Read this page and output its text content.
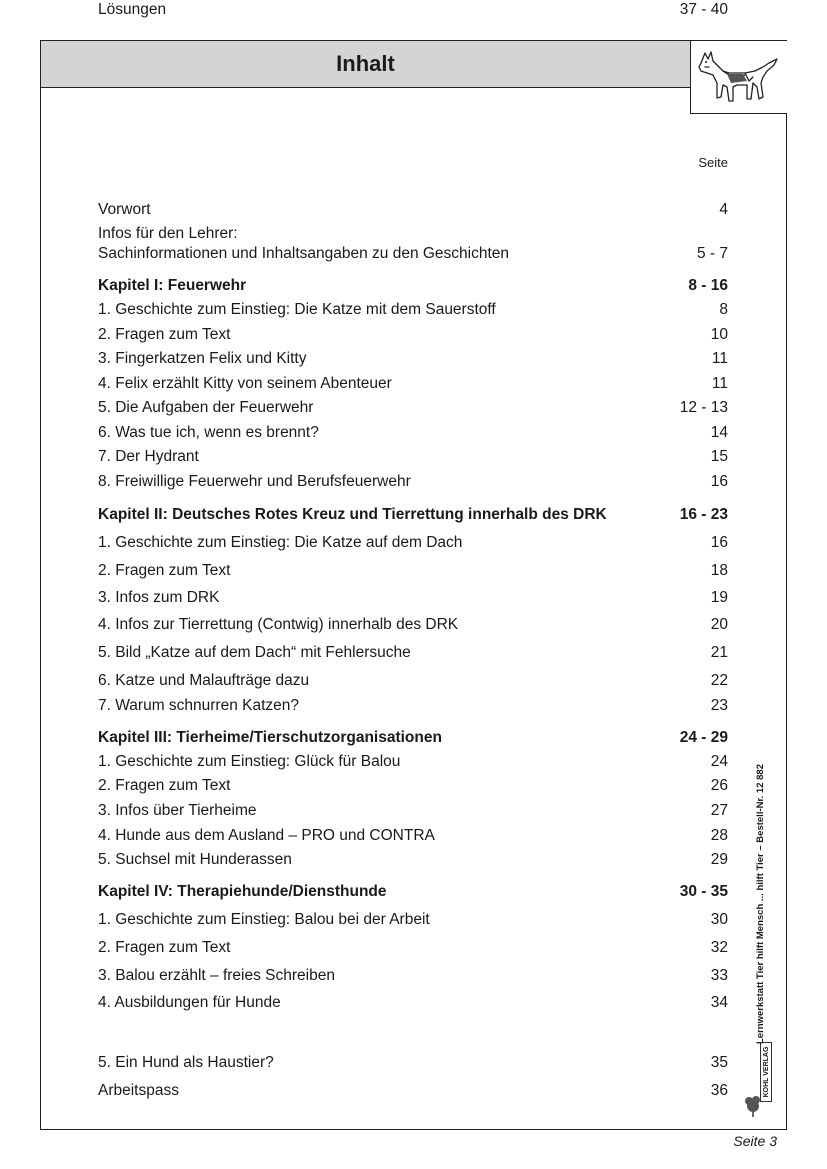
Inhalt
Seite
Vorwort	4
Infos für den Lehrer:
Sachinformationen und Inhaltsangaben zu den Geschichten	5 - 7
Kapitel I: Feuerwehr	8 - 16
1. Geschichte zum Einstieg: Die Katze mit dem Sauerstoff	8
2. Fragen zum Text	10
3. Fingerkatzen Felix und Kitty	11
4. Felix erzählt Kitty von seinem Abenteuer	11
5. Die Aufgaben der Feuerwehr	12 - 13
6. Was tue ich, wenn es brennt?	14
7. Der Hydrant	15
8. Freiwillige Feuerwehr und Berufsfeuerwehr	16
Kapitel II: Deutsches Rotes Kreuz und Tierrettung innerhalb des DRK	16 - 23
1. Geschichte zum Einstieg: Die Katze auf dem Dach	16
2. Fragen zum Text	18
3. Infos zum DRK	19
4. Infos zur Tierrettung (Contwig) innerhalb des DRK	20
5. Bild „Katze auf dem Dach“ mit Fehlersuche	21
6. Katze und Malaufträge dazu	22
7. Warum schnurren Katzen?	23
Kapitel III: Tierheime/Tierschutzorganisationen	24 - 29
1. Geschichte zum Einstieg: Glück für Balou	24
2. Fragen zum Text	26
3. Infos über Tierheime	27
4. Hunde aus dem Ausland – PRO und CONTRA	28
5. Suchsel mit Hunderassen	29
Kapitel IV: Therapiehunde/Diensthunde	30 - 35
1. Geschichte zum Einstieg: Balou bei der Arbeit	30
2. Fragen zum Text	32
3. Balou erzählt – freies Schreiben	33
4. Ausbildungen für Hunde	34
5. Ein Hund als Haustier?	35
Arbeitspass	36
Lösungen	37 - 40
Lernwerkstatt Tier hilft Mensch ... hilft Tier – Bestell-Nr. 12 882
KOHL VERLAG
Seite 3
